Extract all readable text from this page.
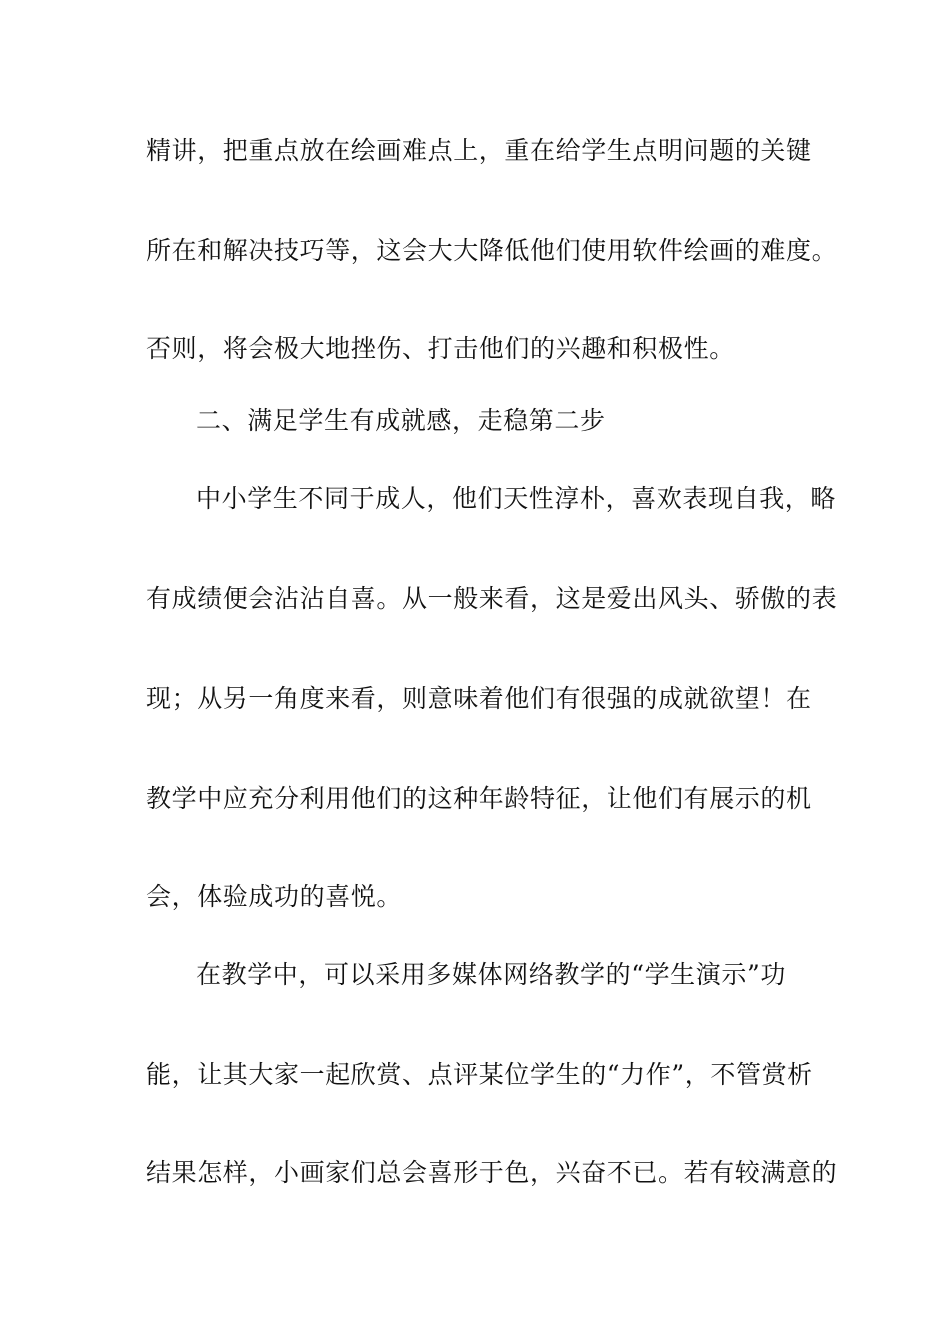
精讲，把重点放在绘画难点上，重在给学生点明问题的关键
所在和解决技巧等，这会大大降低他们使用软件绘画的难度。
否则，将会极大地挫伤、打击他们的兴趣和积极性。
二、满足学生有成就感，走稳第二步
中小学生不同于成人，他们天性淳朴，喜欢表现自我，略
有成绩便会沾沾自喜。从一般来看，这是爱出风头、骄傲的表
现；从另一角度来看，则意味着他们有很强的成就欲望！在
教学中应充分利用他们的这种年龄特征，让他们有展示的机
会，体验成功的喜悦。
在教学中，可以采用多媒体网络教学的“学生演示”功
能，让其大家一起欣赏、点评某位学生的“力作”，不管赏析
结果怎样，小画家们总会喜形于色，兴奋不已。若有较满意的
